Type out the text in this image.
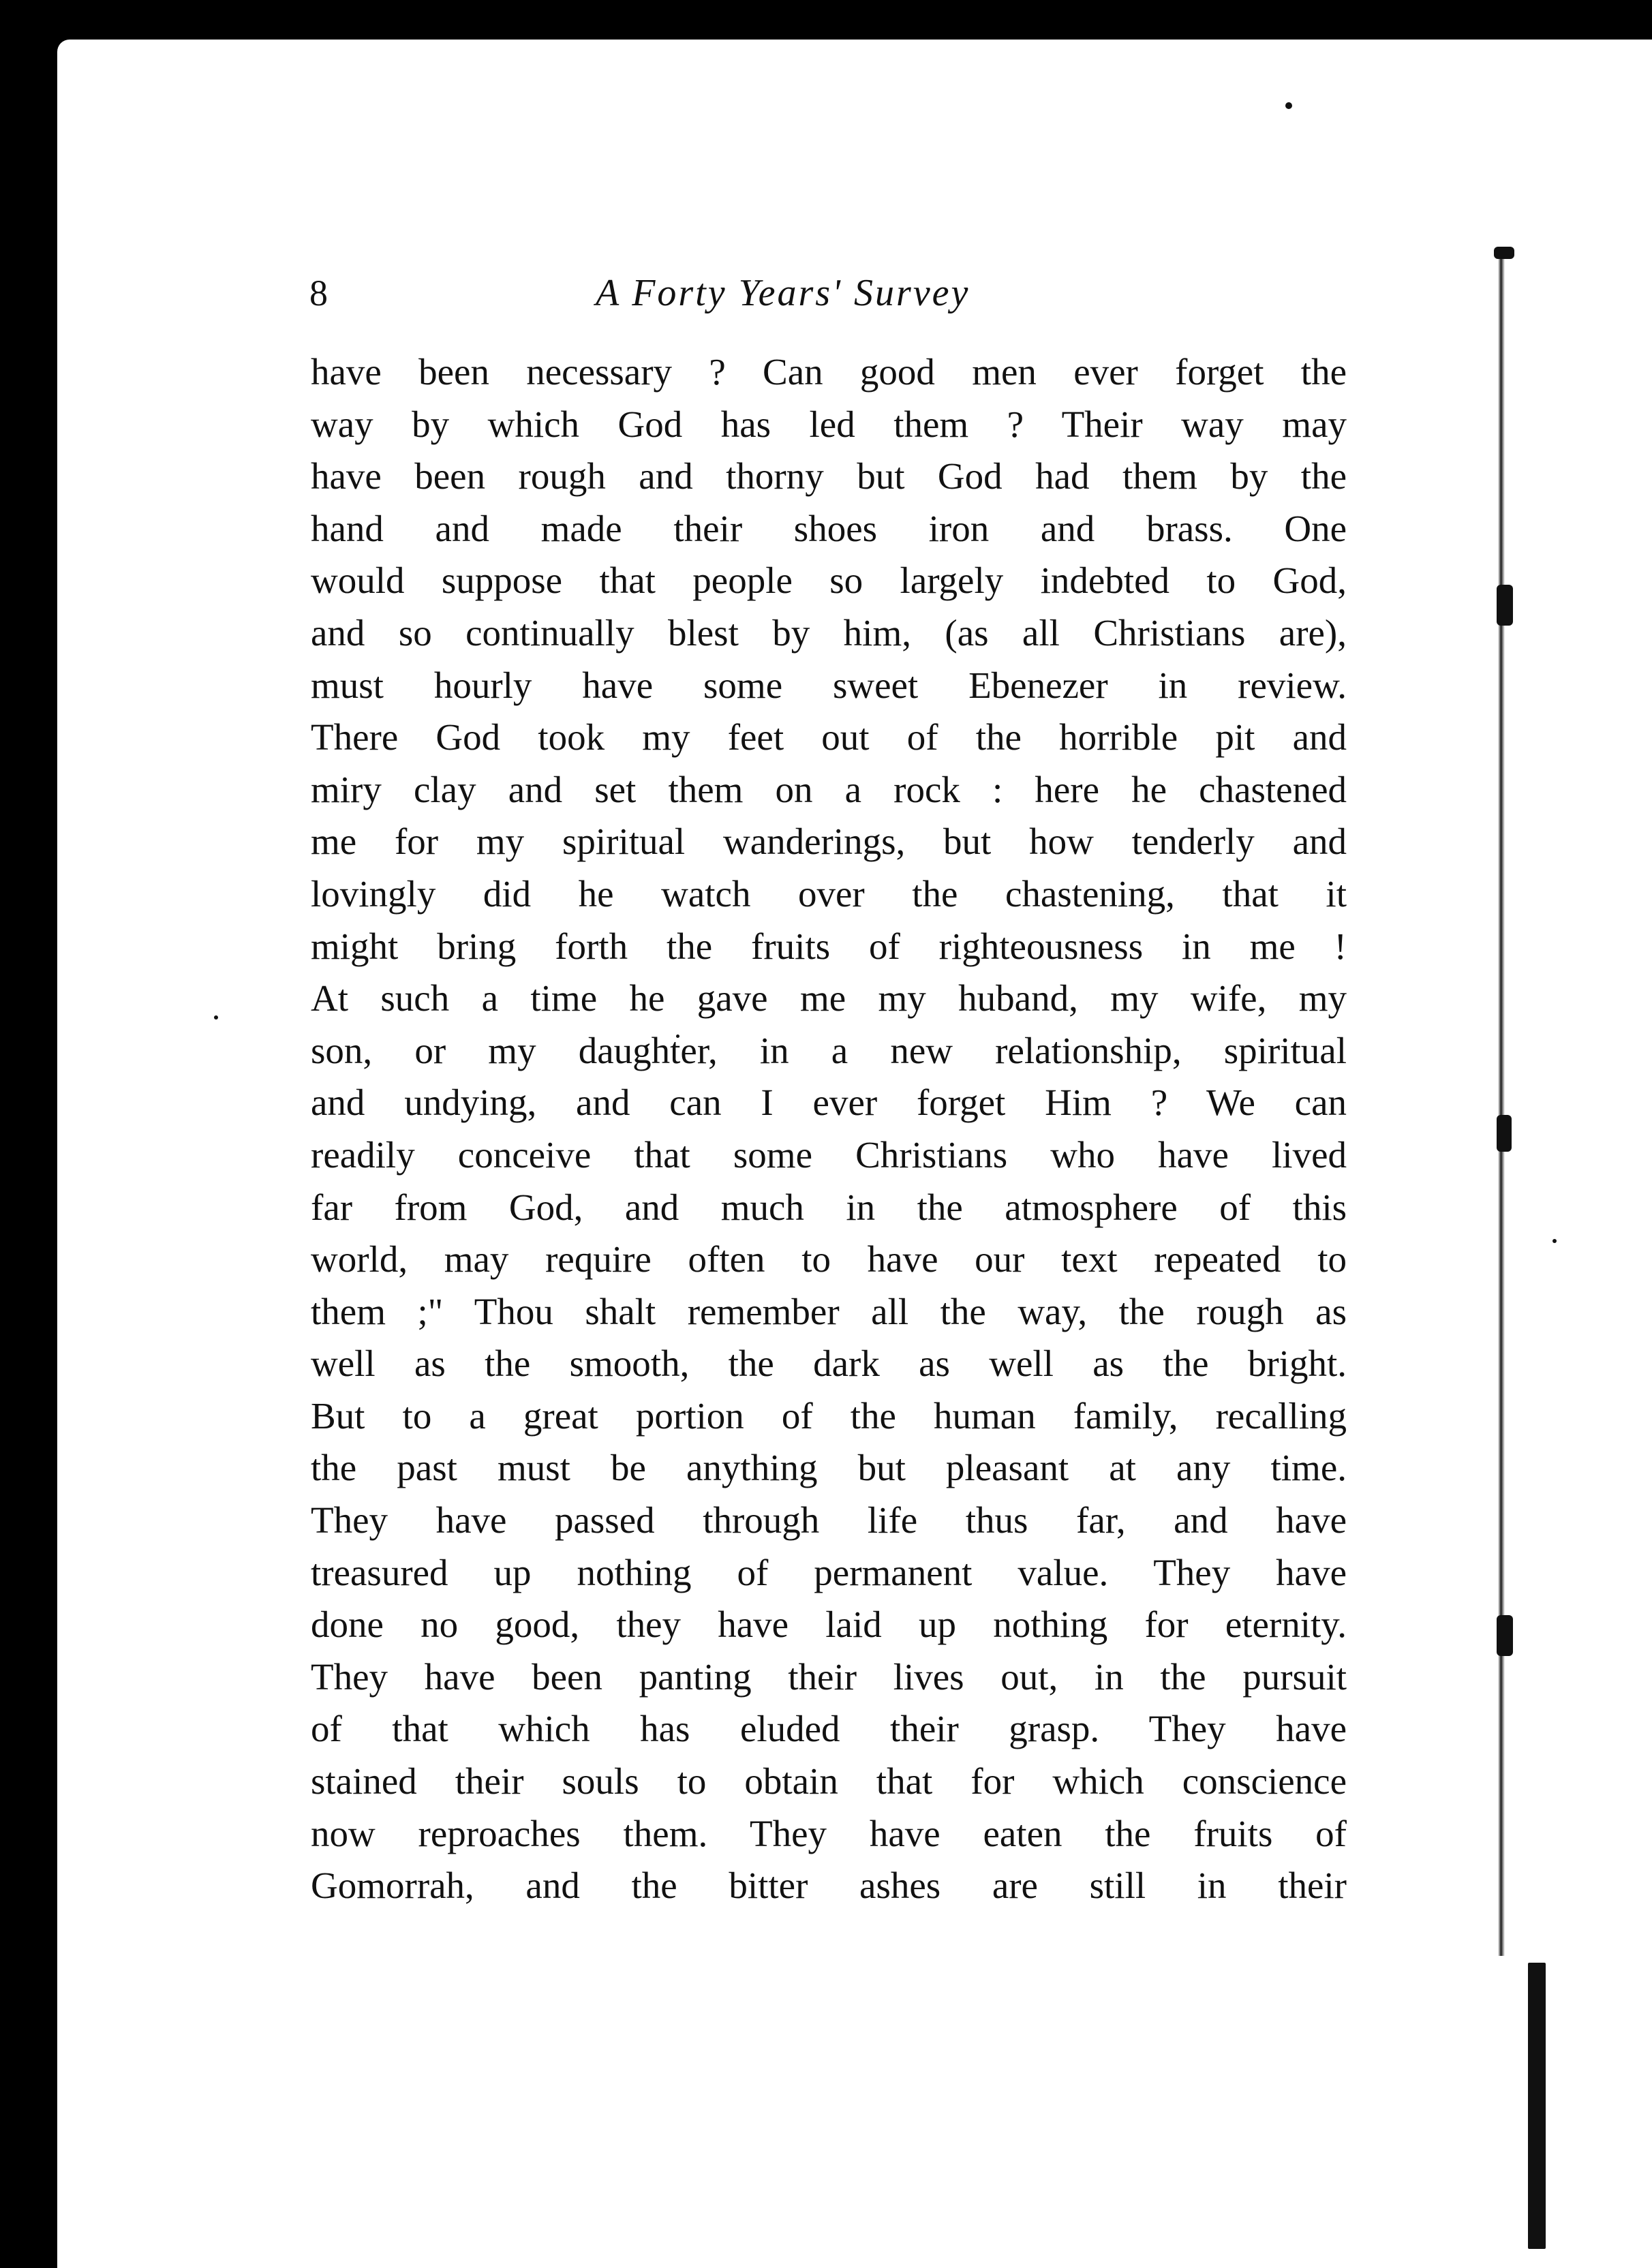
8	A Forty Years' Survey
have been necessary ? Can good men ever forget the
way by which God has led them ? Their way may
have been rough and thorny but God had them by the
hand and made their shoes iron and brass. One
would suppose that people so largely indebted to God,
and so continually blest by him, (as all Christians are),
must hourly have some sweet Ebenezer in review.
There God took my feet out of the horrible pit and
miry clay and set them on a rock : here he chastened
me for my spiritual wanderings, but how tenderly and
lovingly did he watch over the chastening, that it
might bring forth the fruits of righteousness in me !
At such a time he gave me my huband, my wife, my
son, or my daughter, in a new relationship, spiritual
and undying, and can I ever forget Him ? We can
readily conceive that some Christians who have lived
far from God, and much in the atmosphere of this
world, may require often to have our text repeated to
them ;" Thou shalt remember all the way, the rough as
well as the smooth, the dark as well as the bright.
But to a great portion of the human family, recalling
the past must be anything but pleasant at any time.
They have passed through life thus far, and have
treasured up nothing of permanent value. They have
done no good, they have laid up nothing for eternity.
They have been panting their lives out, in the pursuit
of that which has eluded their grasp. They have
stained their souls to obtain that for which conscience
now reproaches them. They have eaten the fruits of
Gomorrah, and the bitter ashes are still in their
